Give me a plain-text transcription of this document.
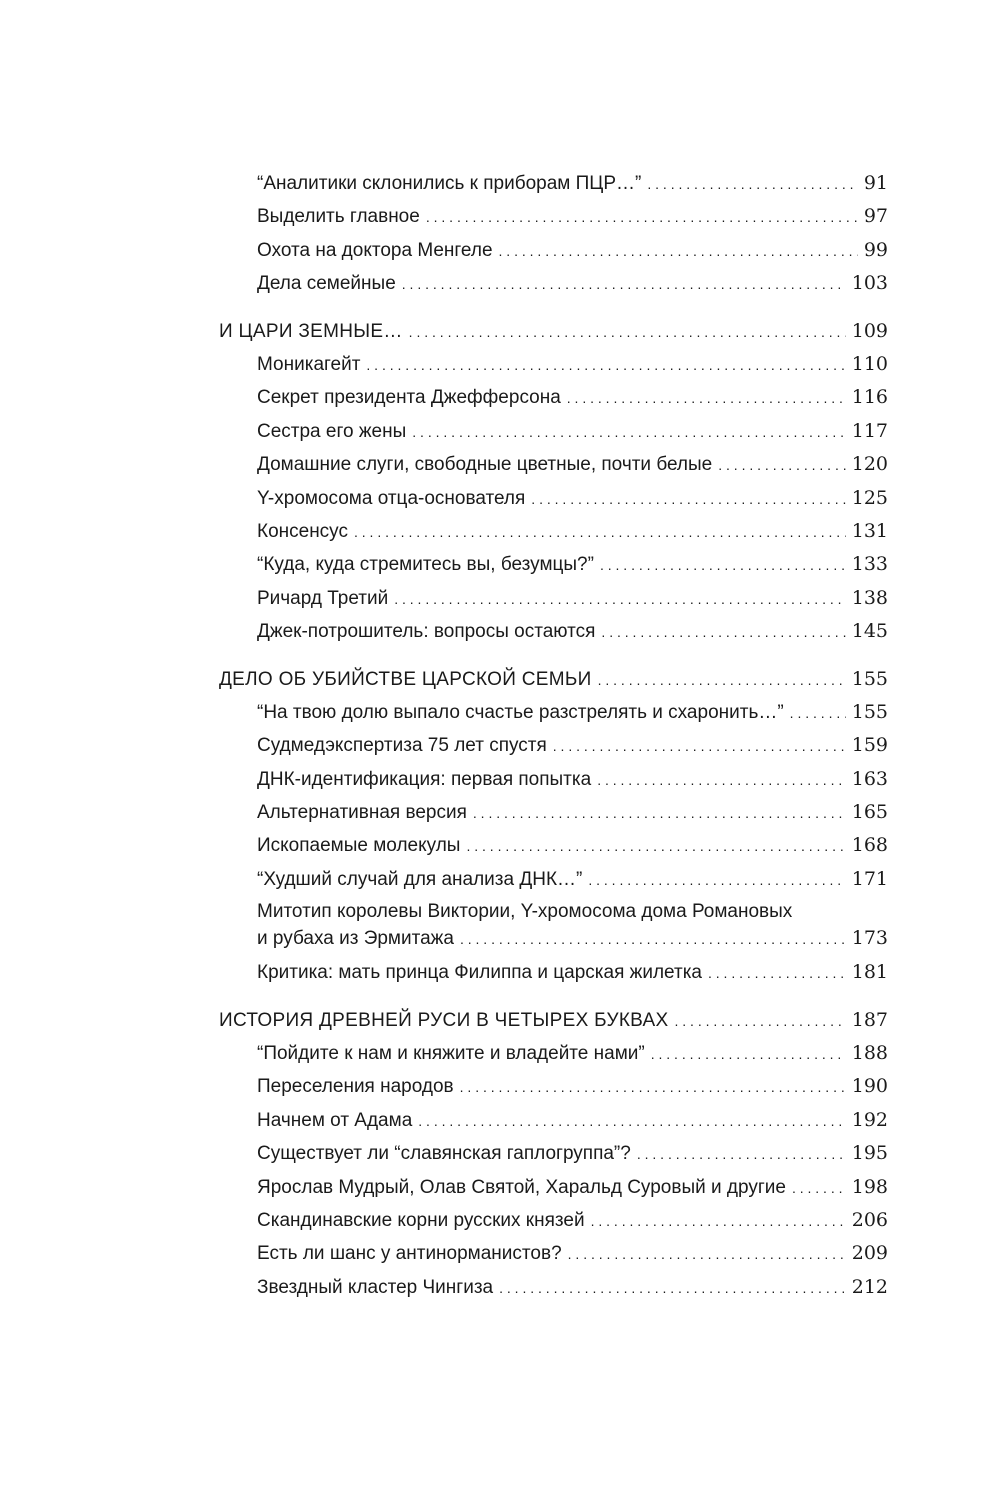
“Аналитики склонились к приборам ПЦР…” . . .	91
Выделить главное . . .	97
Охота на доктора Менгеле . . .	99
Дела семейные . . .	103
И ЦАРИ ЗЕМНЫЕ… . . .	109
Моникагейт . . .	110
Секрет президента Джефферсона . . .	116
Сестра его жены . . .	117
Домашние слуги, свободные цветные, почти белые . . .	120
Y-хромосома отца-основателя . . .	125
Консенсус . . .	131
“Куда, куда стремитесь вы, безумцы?” . . .	133
Ричард Третий . . .	138
Джек-потрошитель: вопросы остаются . . .	145
ДЕЛО ОБ УБИЙСТВЕ ЦАРСКОЙ СЕМЬИ . . .	155
“На твою долю выпало счастье разстрелять и схаронить…” . . .	155
Судмедэкспертиза 75 лет спустя . . .	159
ДНК-идентификация: первая попытка . . .	163
Альтернативная версия . . .	165
Ископаемые молекулы . . .	168
“Худший случай для анализа ДНК…” . . .	171
Митотип королевы Виктории, Y-хромосома дома Романовых
и рубаха из Эрмитажа . . .	173
Критика: мать принца Филиппа и царская жилетка . . .	181
ИСТОРИЯ ДРЕВНЕЙ РУСИ В ЧЕТЫРЕХ БУКВАХ . . .	187
“Пойдите к нам и княжите и владейте нами” . . .	188
Переселения народов . . .	190
Начнем от Адама . . .	192
Существует ли “славянская гаплогруппа”? . . .	195
Ярослав Мудрый, Олав Святой, Харальд Суровый и другие . . .	198
Скандинавские корни русских князей . . .	206
Есть ли шанс у антинорманистов? . . .	209
Звездный кластер Чингиза . . .	212
